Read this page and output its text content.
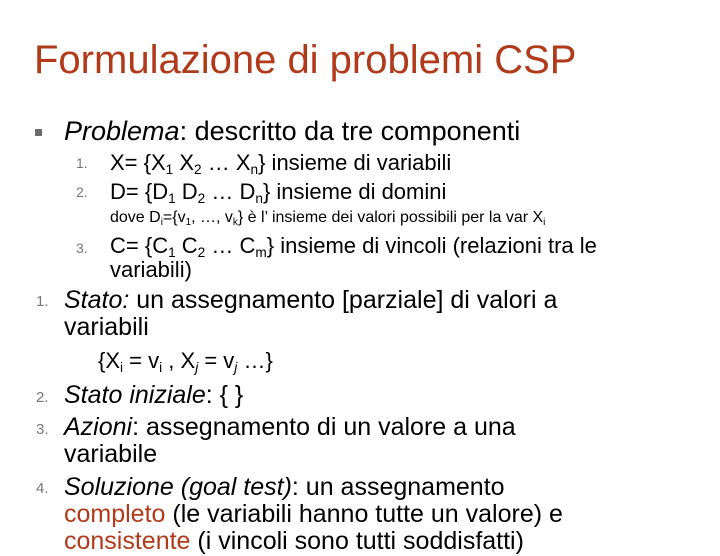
Formulazione di problemi CSP
Problema: descritto da tre componenti
1. $X= \{X_1$ $X_2$ … $X_n$} insieme di variabili
2. $D= \{D_1$ $D_2$ … $D_n$} insieme di domini
dove $D_i=\{v_1$, …, $v_k$} è l’ insieme dei valori possibili per la var $X_i$
3. $C= \{C_1$ $C_2$ … $C_m$} insieme di vincoli (relazioni tra le
variabili)
1. Stato: un assegnamento [parziale] di valori a
variabili
{$X_i = v_i$ , $X_j = v_j$ …}
2. Stato iniziale: { }
3. Azioni: assegnamento di un valore a una
variabile
4. Soluzione (goal test): un assegnamento
completo (le variabili hanno tutte un valore) e
consistente (i vincoli sono tutti soddisfatti)
